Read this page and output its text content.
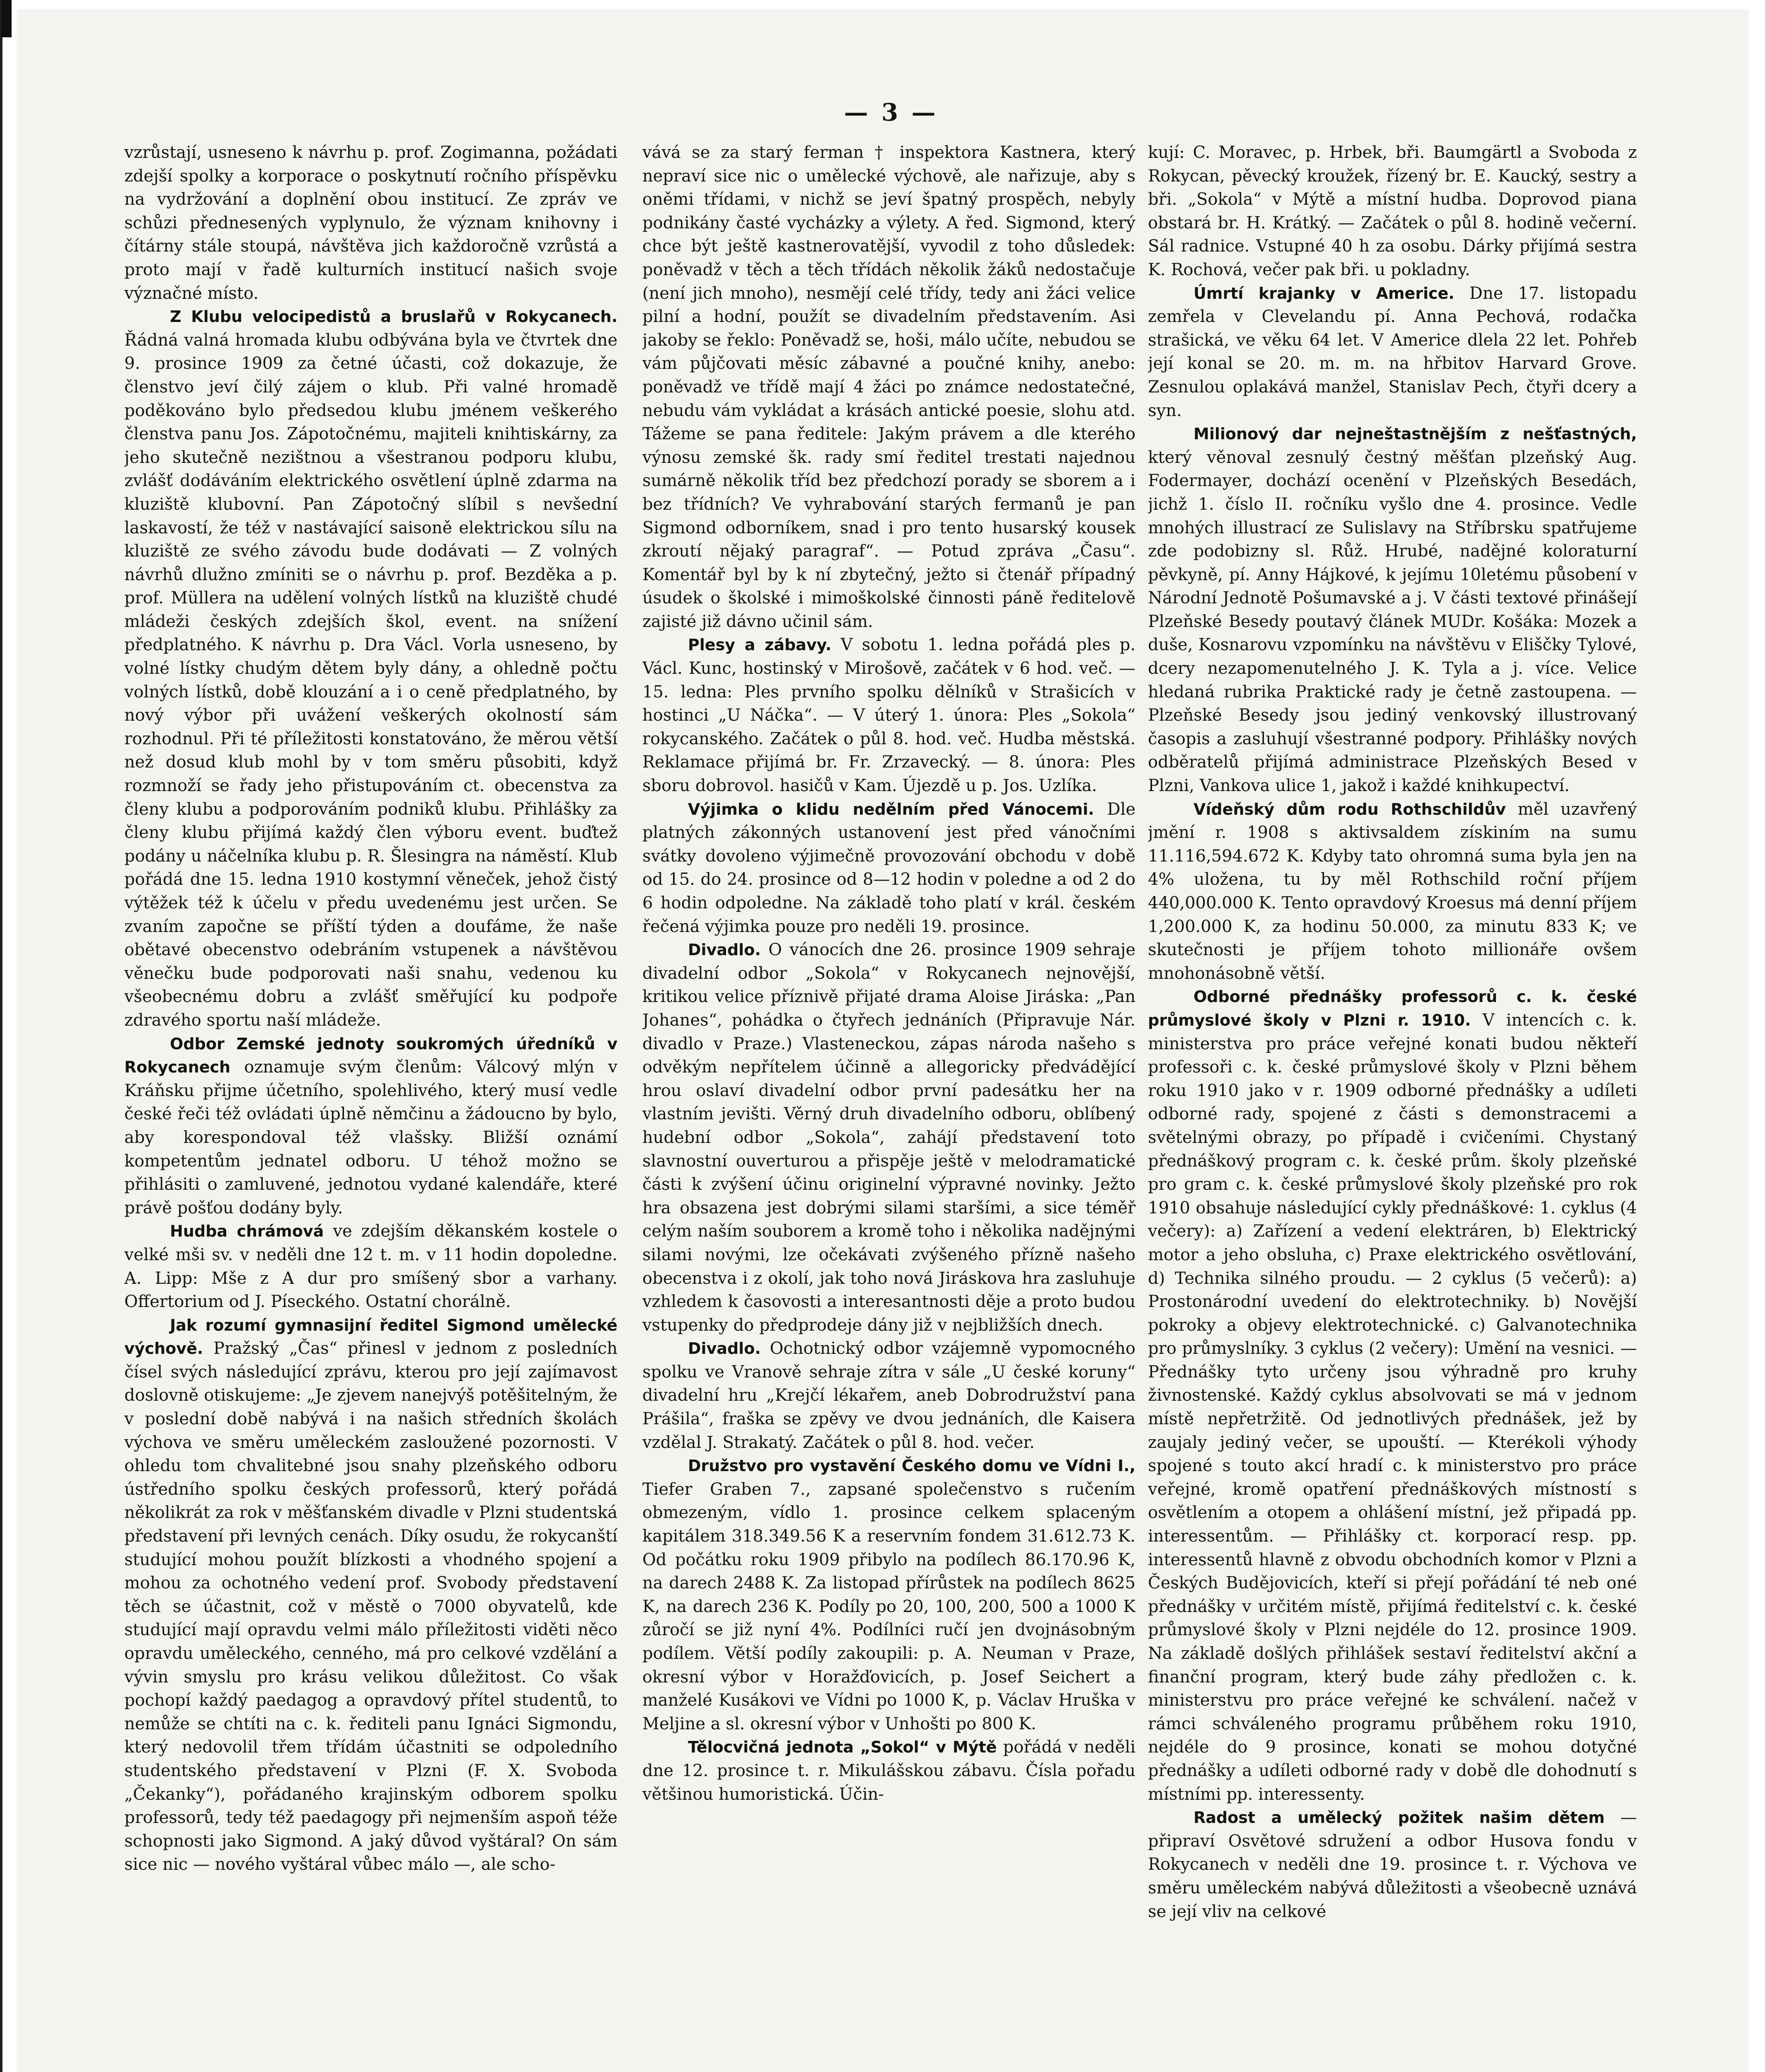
— 3 —

vzrůstají, usneseno k návrhu p. prof. Zogimanna, požádati zdejší spolky a korporace o poskytnutí ročního příspěvku na vydržování a doplnění obou institucí. Ze zpráv ve schůzi přednesených vyplynulo, že význam knihovny i čítárny stále stoupá, návštěva jich každoročně vzrůstá a proto mají v řadě kulturních institucí našich svoje význačné místo.

Z Klubu velocipedistů a bruslařů v Rokycanech. Řádná valná hromada klubu odbývána byla ve čtvrtek dne 9. prosince 1909 za četné účasti, což dokazuje, že členstvo jeví čilý zájem o klub. Při valné hromadě poděkováno bylo předsedou klubu jménem veškerého členstva panu Jos. Zápotočnému, majiteli knihtiskárny, za jeho skutečně nezištnou a všestranou podporu klubu, zvlášť dodáváním elektrického osvětlení úplně zdarma na kluziště klubovní. Pan Zápotočný slíbil s nevšední laskavostí, že též v nastávající saisoně elektrickou sílu na kluziště ze svého závodu bude dodávati — Z volných návrhů dlužno zmíniti se o návrhu p. prof. Bezděka a p. prof. Müllera na udělení volných lístků na kluziště chudé mládeži českých zdejších škol, event. na snížení předplatného. K návrhu p. Dra Václ. Vorla usneseno, by volné lístky chudým dětem byly dány, a ohledně počtu volných lístků, době klouzání a i o ceně předplatného, by nový výbor při uvážení veškerých okolností sám rozhodnul. Při té příležitosti konstatováno, že měrou větší než dosud klub mohl by v tom směru působiti, když rozmnoží se řady jeho přistupováním ct. obecenstva za členy klubu a podporováním podniků klubu. Přihlášky za členy klubu přijímá každý člen výboru event. buďtež podány u náčelníka klubu p. R. Šlesingra na náměstí. Klub pořádá dne 15. ledna 1910 kostymní věneček, jehož čistý výtěžek též k účelu v předu uvedenému jest určen. Se zvaním započne se příští týden a doufáme, že naše obětavé obecenstvo odebráním vstupenek a návštěvou věnečku bude podporovati naši snahu, vedenou ku všeobecnému dobru a zvlášť směřující ku podpoře zdravého sportu naší mládeže.

Odbor Zemské jednoty soukromých úředníků v Rokycanech oznamuje svým členům: Válcový mlýn v Kráňsku přijme účetního, spolehlivého, který musí vedle české řeči též ovládati úplně němčinu a žádoucno by bylo, aby korespondoval též vlašsky. Bližší oznámí kompetentům jednatel odboru. U téhož možno se přihlásiti o zamluvené, jednotou vydané kalendáře, které právě pošťou dodány byly.

Hudba chrámová ve zdejším děkanském kostele o velké mši sv. v neděli dne 12 t. m. v 11 hodin dopoledne. A. Lipp: Mše z A dur pro smíšený sbor a varhany. Offertorium od J. Píseckého. Ostatní chorálně.

Jak rozumí gymnasijní ředitel Sigmond umělecké výchově. Pražský „Čas“ přinesl v jednom z posledních čísel svých následující zprávu, kterou pro její zajímavost doslovně otiskujeme: „Je zjevem nanejvýš potěšitelným, že v poslední době nabývá i na našich středních školách výchova ve směru uměleckém zasloužené pozornosti. V ohledu tom chvalitebné jsou snahy plzeňského odboru ústředního spolku českých professorů, který pořádá několikrát za rok v měšťanském divadle v Plzni studentská představení při levných cenách. Díky osudu, že rokycanští studující mohou použít blízkosti a vhodného spojení a mohou za ochotného vedení prof. Svobody představení těch se účastnit, což v městě o 7000 obyvatelů, kde studující mají opravdu velmi málo příležitosti viděti něco opravdu uměleckého, cenného, má pro celkové vzdělání a vývin smyslu pro krásu velikou důležitost. Co však pochopí každý paedagog a opravdový přítel studentů, to nemůže se chtíti na c. k. řediteli panu Ignáci Sigmondu, který nedovolil třem třídám účastniti se odpoledního studentského představení v Plzni (F. X. Svoboda „Čekanky“), pořádaného krajinským odborem spolku professorů, tedy též paedagogy při nejmenším aspoň téže schopnosti jako Sigmond. A jaký důvod vyštáral? On sám sice nic — nového vyštáral vůbec málo —, ale scho-

vává se za starý ferman † inspektora Kastnera, který nepraví sice nic o umělecké výchově, ale nařizuje, aby s oněmi třídami, v nichž se jeví špatný prospěch, nebyly podnikány časté vycházky a výlety. A řed. Sigmond, který chce být ještě kastnerovatější, vyvodil z toho důsledek: poněvadž v těch a těch třídách několik žáků nedostačuje (není jich mnoho), nesmějí celé třídy, tedy ani žáci velice pilní a hodní, použít se divadelním představením. Asi jakoby se řeklo: Poněvadž se, hoši, málo učíte, nebudou se vám půjčovati měsíc zábavné a poučné knihy, anebo: poněvadž ve třídě mají 4 žáci po známce nedostatečné, nebudu vám vykládat a krásách antické poesie, slohu atd. Tážeme se pana ředitele: Jakým právem a dle kterého výnosu zemské šk. rady smí ředitel trestati najednou sumárně několik tříd bez předchozí porady se sborem a i bez třídních? Ve vyhrabování starých fermanů je pan Sigmond odborníkem, snad i pro tento husarský kousek zkroutí nějaký paragraf“. — Potud zpráva „Času“. Komentář byl by k ní zbytečný, ježto si čtenář případný úsudek o školské i mimoškolské činnosti páně ředitelově zajisté již dávno učinil sám.

Plesy a zábavy. V sobotu 1. ledna pořádá ples p. Václ. Kunc, hostinský v Mirošově, začátek v 6 hod. več. — 15. ledna: Ples prvního spolku dělníků v Strašicích v hostinci „U Náčka“. — V úterý 1. února: Ples „Sokola“ rokycanského. Začátek o půl 8. hod. več. Hudba městská. Reklamace přijímá br. Fr. Zrzavecký. — 8. února: Ples sboru dobrovol. hasičů v Kam. Újezdě u p. Jos. Uzlíka.

Výjimka o klidu nedělním před Vánocemi. Dle platných zákonných ustanovení jest před vánočními svátky dovoleno výjimečně provozování obchodu v době od 15. do 24. prosince od 8—12 hodin v poledne a od 2 do 6 hodin odpoledne. Na základě toho platí v král. českém řečená výjimka pouze pro neděli 19. prosince.

Divadlo. O vánocích dne 26. prosince 1909 sehraje divadelní odbor „Sokola“ v Rokycanech nejnovější, kritikou velice příznivě přijaté drama Aloise Jiráska: „Pan Johanes“, pohádka o čtyřech jednáních (Připravuje Nár. divadlo v Praze.) Vlasteneckou, zápas národa našeho s odvěkým nepřítelem účinně a allegoricky předvádějící hrou oslaví divadelní odbor první padesátku her na vlastním jevišti. Věrný druh divadelního odboru, oblíbený hudební odbor „Sokola“, zahájí představení toto slavnostní ouverturou a přispěje ještě v melodramatické části k zvýšení účinu originelní výpravné novinky. Ježto hra obsazena jest dobrými silami staršími, a sice téměř celým naším souborem a kromě toho i několika nadějnými silami novými, lze očekávati zvýšeného přízně našeho obecenstva i z okolí, jak toho nová Jiráskova hra zasluhuje vzhledem k časovosti a interesantnosti děje a proto budou vstupenky do předprodeje dány již v nejbližších dnech.

Divadlo. Ochotnický odbor vzájemně vypomocného spolku ve Vranově sehraje zítra v sále „U české koruny“ divadelní hru „Krejčí lékařem, aneb Dobrodružství pana Prášila“, fraška se zpěvy ve dvou jednáních, dle Kaisera vzdělal J. Strakatý. Začátek o půl 8. hod. večer.

Družstvo pro vystavění Českého domu ve Vídni I., Tiefer Graben 7., zapsané společenstvo s ručením obmezeným, vídlo 1. prosince celkem splaceným kapitálem 318.349.56 K a reservním fondem 31.612.73 K. Od počátku roku 1909 přibylo na podílech 86.170.96 K, na darech 2488 K. Za listopad přírůstek na podílech 8625 K, na darech 236 K. Podíly po 20, 100, 200, 500 a 1000 K zůročí se již nyní 4%. Podílníci ručí jen dvojnásobným podílem. Větší podíly zakoupili: p. A. Neuman v Praze, okresní výbor v Horažďovicích, p. Josef Seichert a manželé Kusákovi ve Vídni po 1000 K, p. Václav Hruška v Meljine a sl. okresní výbor v Unhošti po 800 K.

Tělocvičná jednota „Sokol“ v Mýtě pořádá v neděli dne 12. prosince t. r. Mikulášskou zábavu. Čísla pořadu většinou humoristická. Účin-

kují: C. Moravec, p. Hrbek, bři. Baumgärtl a Svoboda z Rokycan, pěvecký kroužek, řízený br. E. Kaucký, sestry a bři. „Sokola“ v Mýtě a místní hudba. Doprovod piana obstará br. H. Krátký. — Začátek o půl 8. hodině večerní. Sál radnice. Vstupné 40 h za osobu. Dárky přijímá sestra K. Rochová, večer pak bři. u pokladny.

Úmrtí krajanky v Americe. Dne 17. listopadu zemřela v Clevelandu pí. Anna Pechová, rodačka strašická, ve věku 64 let. V Americe dlela 22 let. Pohřeb její konal se 20. m. m. na hřbitov Harvard Grove. Zesnulou oplakává manžel, Stanislav Pech, čtyři dcery a syn.

Milionový dar nejneštastnějším z nešťastných, který věnoval zesnulý čestný měšťan plzeňský Aug. Fodermayer, dochází ocenění v Plzeňských Besedách, jichž 1. číslo II. ročníku vyšlo dne 4. prosince. Vedle mnohých illustrací ze Sulislavy na Stříbrsku spatřujeme zde podobizny sl. Růž. Hrubé, nadějné koloraturní pěvkyně, pí. Anny Hájkové, k jejímu 10letému působení v Národní Jednotě Pošumavské a j. V části textové přinášejí Plzeňské Besedy poutavý článek MUDr. Košáka: Mozek a duše, Kosnarovu vzpomínku na návštěvu v Eliščky Tylové, dcery nezapomenutelného J. K. Tyla a j. více. Velice hledaná rubrika Praktické rady je četně zastoupena. — Plzeňské Besedy jsou jediný venkovský illustrovaný časopis a zasluhují všestranné podpory. Přihlášky nových odběratelů přijímá administrace Plzeňských Besed v Plzni, Vankova ulice 1, jakož i každé knihkupectví.

Vídeňský dům rodu Rothschildův měl uzavřený jmění r. 1908 s aktivsaldem získiním na sumu 11.116,594.672 K. Kdyby tato ohromná suma byla jen na 4% uložena, tu by měl Rothschild roční příjem 440,000.000 K. Tento opravdový Kroesus má denní příjem 1,200.000 K, za hodinu 50.000, za minutu 833 K; ve skutečnosti je příjem tohoto millionáře ovšem mnohonásobně větší.

Odborné přednášky professorů c. k. české průmyslové školy v Plzni r. 1910. V intencích c. k. ministerstva pro práce veřejné konati budou někteří professoři c. k. české průmyslové školy v Plzni během roku 1910 jako v r. 1909 odborné přednášky a udíleti odborné rady, spojené z části s demonstracemi a světelnými obrazy, po případě i cvičeními. Chystaný přednáškový program c. k. české prům. školy plzeňské pro gram c. k. české průmyslové školy plzeňské pro rok 1910 obsahuje následující cykly přednáškové: 1. cyklus (4 večery): a) Zařízení a vedení elektráren, b) Elektrický motor a jeho obsluha, c) Praxe elektrického osvětlování, d) Technika silného proudu. — 2 cyklus (5 večerů): a) Prostonárodní uvedení do elektrotechniky. b) Nověјší pokroky a objevy elektrotechnické. c) Galvanotechnika pro průmyslníky. 3 cyklus (2 večery): Umění na vesnici. — Přednášky tyto určeny jsou výhradně pro kruhy živnostenské. Každý cyklus absolvovati se má v jednom místě nepřetržitě. Od jednotlivých přednášek, jež by zaujaly jediný večer, se upouští. — Kterékoli výhody spojené s touto akcí hradí c. k ministerstvo pro práce veřejné, kromě opatření přednáškových místností s osvětlením a otopem a ohlášení místní, jež připadá pp. interessentům. — Přihlášky ct. korporací resp. pp. interessentů hlavně z obvodu obchodních komor v Plzni a Českých Budějovicích, kteří si přejí pořádání té neb oné přednášky v určitém místě, přijímá ředitelství c. k. české průmyslové školy v Plzni nejdéle do 12. prosince 1909. Na základě došlých přihlášek sestaví ředitelství akční a finanční program, který bude záhy předložen c. k. ministerstvu pro práce veřejné ke schválení. načež v rámci schváleného programu průběhem roku 1910, nejdéle do 9 prosince, konati se mohou dotyčné přednášky a udíleti odborné rady v době dle dohodnutí s místními pp. interessenty.

Radost a umělecký požitek našim dětem — připraví Osvětové sdružení a odbor Husova fondu v Rokycanech v neděli dne 19. prosince t. r. Výchova ve směru uměleckém nabývá důležitosti a všeobecně uznává se její vliv na celkové
